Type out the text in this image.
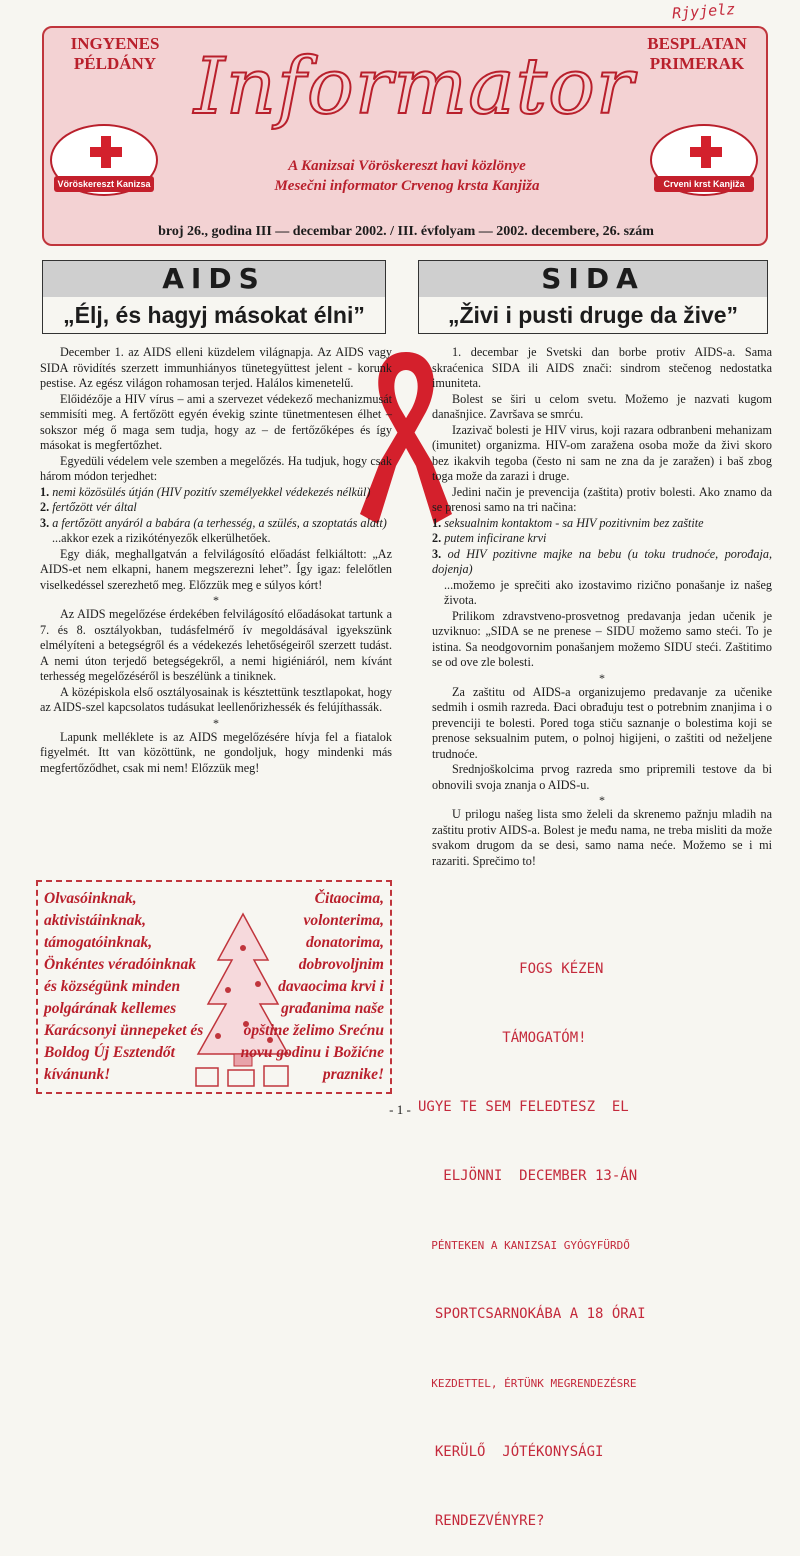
Rjyjelz
INGYENES
PÉLDÁNY
BESPLATAN
PRIMERAK
Informator
Vöröskereszt Kanizsa	Crveni krst Kanjiža
A Kanizsai Vöröskereszt havi közlönye
Mesečni informator Crvenog krsta Kanjiža
broj 26., godina III — decembar 2002. / III. évfolyam — 2002. decembere, 26. szám
AIDS
„Élj, és hagyj másokat élni”
SIDA
„Živi i pusti druge da žive”

December 1. az AIDS elleni küzdelem világnapja. Az AIDS vagy SIDA rövidítés szerzett immunhiányos tünetegyüttest jelent - korunk pestise. Az egész világon rohamosan terjed. Halálos kimenetelű.

Előidézője a HIV vírus – ami a szervezet védekező mechanizmusát semmisíti meg. A fertőzött egyén évekig szinte tünetmentesen élhet – sokszor még ő maga sem tudja, hogy az – de fertőzőképes és így másokat is megfertőzhet.

Egyedüli védelem vele szemben a megelőzés. Ha tudjuk, hogy csak három módon terjedhet:

1. nemi közösülés útján (HIV pozitív személyekkel védekezés nélkül)

2. fertőzött vér által

3. a fertőzött anyáról a babára (a terhesség, a szülés, a szoptatás alatt)

...akkor ezek a rizikótényezők elkerülhetőek.

Egy diák, meghallgatván a felvilágosító előadást felkiáltott: „Az AIDS-et nem elkapni, hanem megszerezni lehet”. Így igaz: felelőtlen viselkedéssel szerezhető meg. Előzzük meg e súlyos kórt!

*

Az AIDS megelőzése érdekében felvilágosító előadásokat tartunk a 7. és 8. osztályokban, tudásfelmérő ív megoldásával igyekszünk elmélyíteni a betegségről és a védekezés lehetőségeiről szerzett tudást. A nemi úton terjedő betegségekről, a nemi higiéniáról, nem kívánt terhesség megelőzéséről is beszélünk a tiniknek.

A középiskola első osztályosainak is késztettünk tesztlapokat, hogy az AIDS-szel kapcsolatos tudásukat leellenőrizhessék és felújíthassák.

*

Lapunk melléklete is az AIDS megelőzésére hívja fel a fiatalok figyelmét. Itt van közöttünk, ne gondoljuk, hogy mindenki más megfertőződhet, csak mi nem! Előzzük meg!

1. decembar je Svetski dan borbe protiv AIDS-a. Sama skraćenica SIDA ili AIDS znači: sindrom stečenog nedostatka imuniteta.

Bolest se širi u celom svetu. Možemo je nazvati kugom današnjice. Završava se smrću.

Izazivač bolesti je HIV virus, koji razara odbranbeni mehanizam (imunitet) organizma. HIV-om zaražena osoba može da živi skoro bez ikakvih tegoba (često ni sam ne zna da je zaražen) i baš zbog toga može da zarazi i druge.

Jedini način je prevencija (zaštita) protiv bolesti. Ako znamo da se prenosi samo na tri načina:

1. seksualnim kontaktom - sa HIV pozitivnim bez zaštite

2. putem inficirane krvi

3. od HIV pozitivne majke na bebu (u toku trudnoće, porođaja, dojenja)

...možemo je sprečiti ako izostavimo rizično ponašanje iz našeg života.

Prilikom zdravstveno-prosvetnog predavanja jedan učenik je uzviknuo: „SIDA se ne prenese – SIDU možemo samo steći. To je istina. Sa neodgovornim ponašanjem možemo SIDU steći. Zaštitimo se od ove zle bolesti.

*

Za zaštitu od AIDS-a organizujemo predavanje za učenike sedmih i osmih razreda. Đaci obrađuju test o potrebnim znanjima i o prevenciji te bolesti. Pored toga stiču saznanje o bolestima koji se prenose seksualnim putem, o polnoj higijeni, o zaštiti od neželjene trudnoće.

Srednjoškolcima prvog razreda smo pripremili testove da bi obnovili svoja znanja o AIDS-u.

*

U prilogu našeg lista smo želeli da skrenemo pažnju mladih na zaštitu protiv AIDS-a. Bolest je među nama, ne treba misliti da može svakom drugom da se desi, samo nama neće. Možemo se i mi razariti. Sprečimo to!

Olvasóinknak, aktivistáinknak, támogatóinknak, Önkéntes véradóinknak és községünk minden polgárának kellemes Karácsonyi ünnepeket és Boldog Új Esztendőt kívánunk!
Čitaocima, volonterima, donatorima, dobrovoljnim davaocima krvi i građanima naše opštine želimo Srećnu novu godinu i Božićne praznike!

FOGS KÉZEN

TÁMOGATÓM!

UGYE TE SEM FELEDTESZ  EL

ELJÖNNI  DECEMBER 13-ÁN

PÉNTEKEN A KANIZSAI GYÓGYFÜRDŐ

SPORTCSARNOKÁBA A 18 ÓRAI

KEZDETTEL, ÉRTÜNK MEGRENDEZÉSRE

KERÜLŐ  JÓTÉKONYSÁGI

RENDEZVÉNYRE?

- 1 -
